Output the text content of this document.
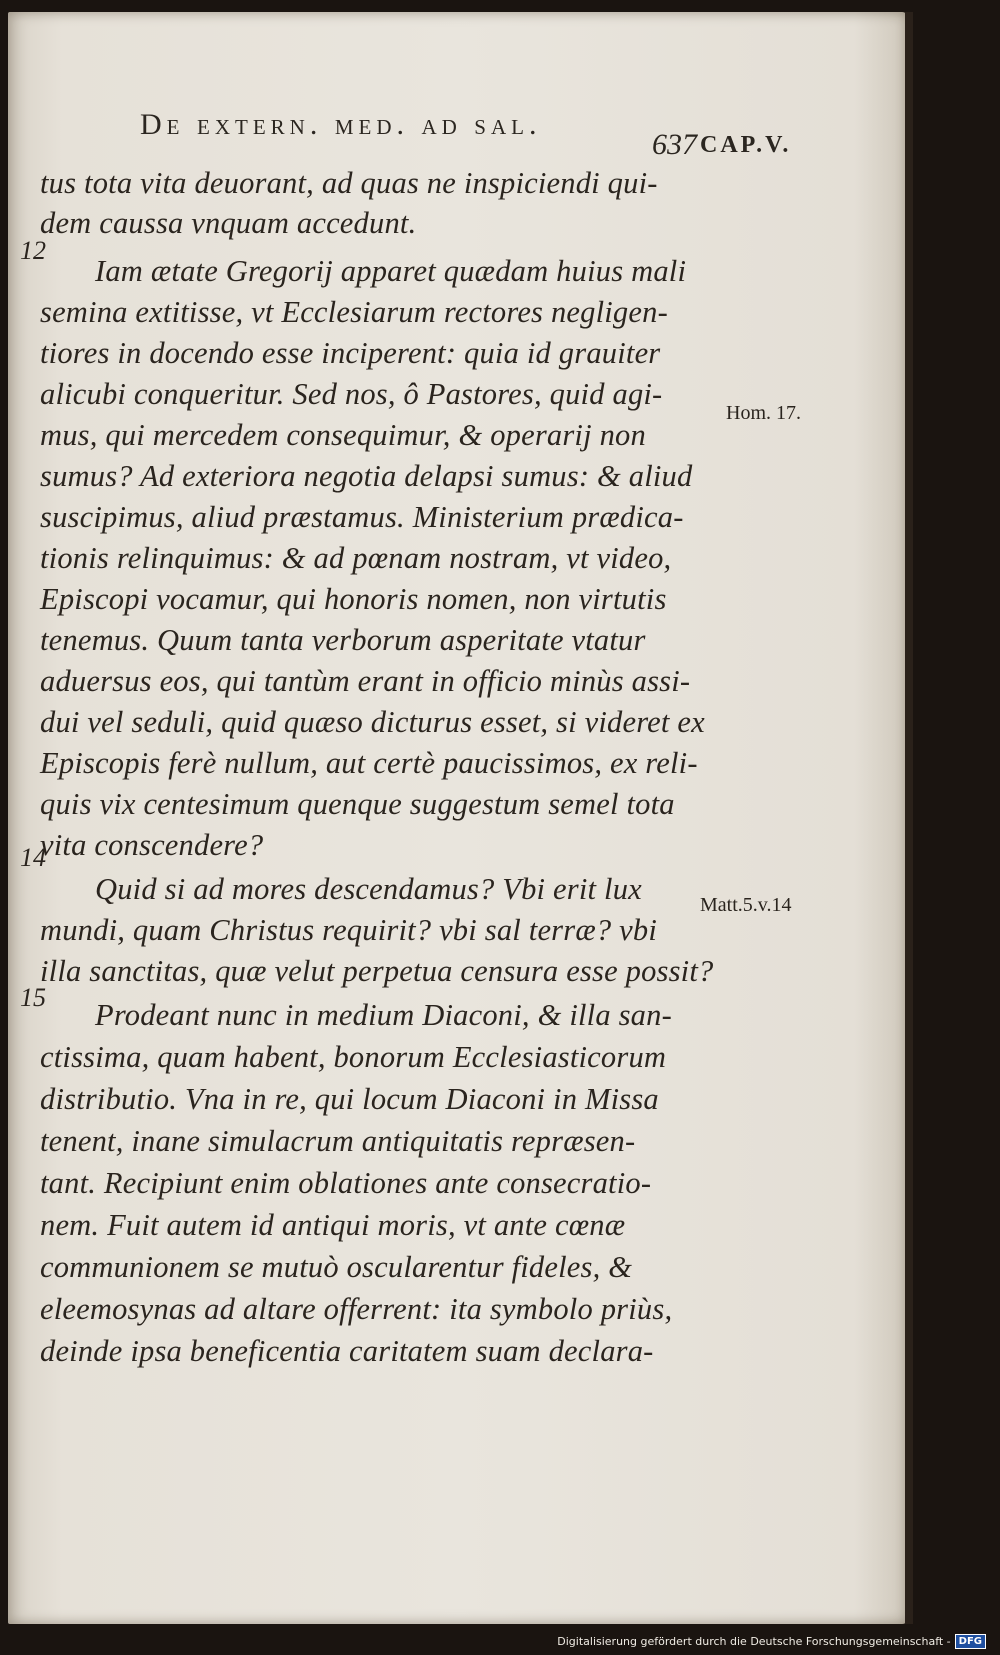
De extern. med. ad sal.
637 CAP.V.
12
14
15
Hom. 17.
Matt.5.v.14
tus tota vita deuorant, ad quas ne inspiciendi qui-
dem caussa vnquam accedunt.
Iam ætate Gregorij apparet quædam huius mali
semina extitisse, vt Ecclesiarum rectores negligen-
tiores in docendo esse inciperent: quia id grauiter
alicubi conqueritur. Sed nos, ô Pastores, quid agi-
mus, qui mercedem consequimur, & operarij non
sumus? Ad exteriora negotia delapsi sumus: & aliud
suscipimus, aliud præstamus. Ministerium prædica-
tionis relinquimus: & ad pœnam nostram, vt video,
Episcopi vocamur, qui honoris nomen, non virtutis
tenemus. Quum tanta verborum asperitate vtatur
aduersus eos, qui tantùm erant in officio minùs assi-
dui vel seduli, quid quæso dicturus esset, si videret ex
Episcopis ferè nullum, aut certè paucissimos, ex reli-
quis vix centesimum quenque suggestum semel tota
vita conscendere?
Quid si ad mores descendamus? Vbi erit lux
mundi, quam Christus requirit? vbi sal terræ? vbi
illa sanctitas, quæ velut perpetua censura esse possit?
Prodeant nunc in medium Diaconi, & illa san-
ctissima, quam habent, bonorum Ecclesiasticorum
distributio. Vna in re, qui locum Diaconi in Missa
tenent, inane simulacrum antiquitatis repræsen-
tant. Recipiunt enim oblationes ante consecratio-
nem. Fuit autem id antiqui moris, vt ante cœnæ
communionem se mutuò oscularentur fideles, &
eleemosynas ad altare offerrent: ita symbolo priùs,
deinde ipsa beneficentia caritatem suam declara-
Digitalisierung gefördert durch die Deutsche Forschungsgemeinschaft - DFG
